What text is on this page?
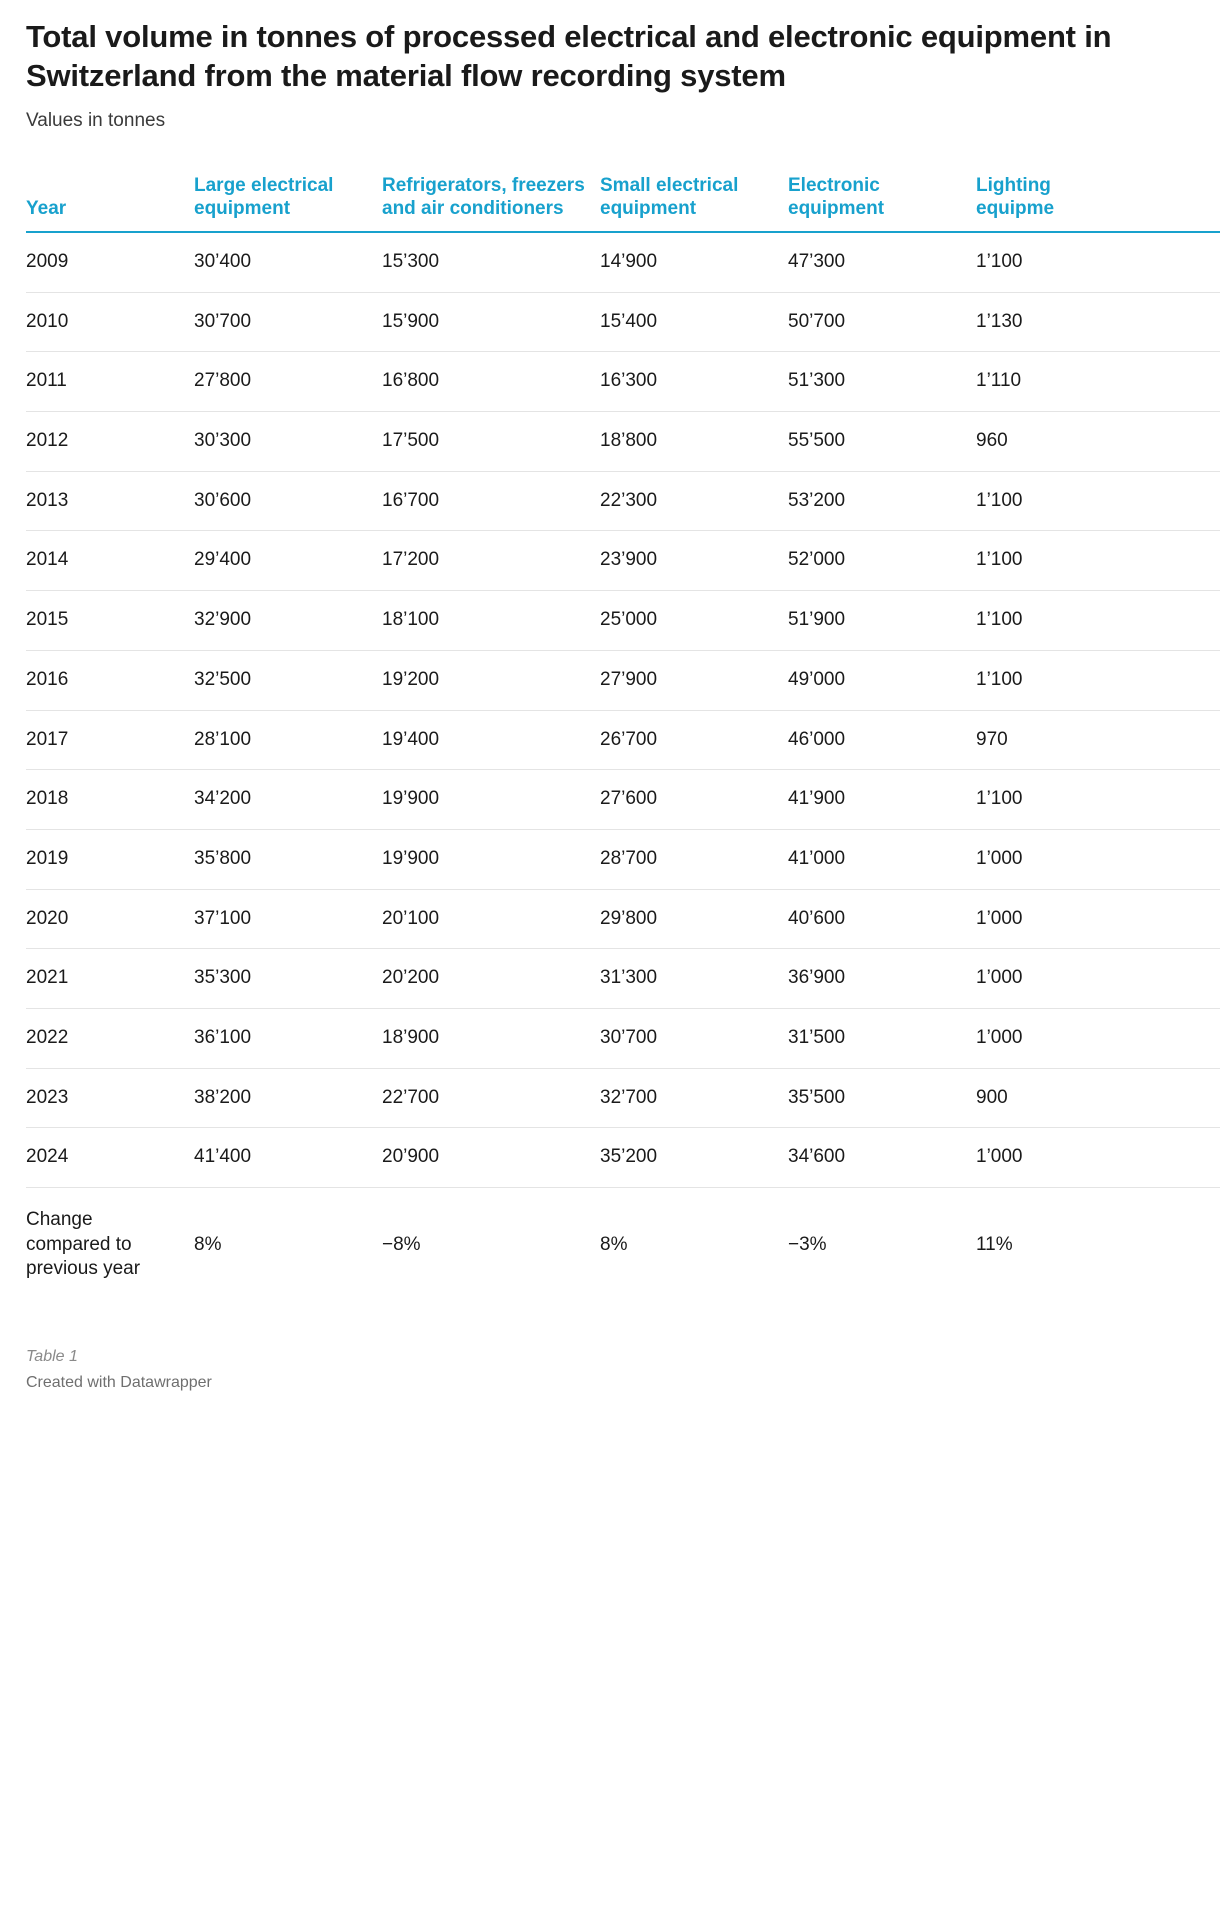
Total volume in tonnes of processed electrical and electronic equipment in Switzerland from the material flow recording system
Values in tonnes
Year	Large electrical equipment	Refrigerators, freezers and air conditioners	Small electrical equipment	Electronic equipment	Lighting equipme	
2009	30’400	15’300	14’900	47’300	1’100	
2010	30’700	15’900	15’400	50’700	1’130	
2011	27’800	16’800	16’300	51’300	1’110	
2012	30’300	17’500	18’800	55’500	960	
2013	30’600	16’700	22’300	53’200	1’100	
2014	29’400	17’200	23’900	52’000	1’100	
2015	32’900	18’100	25’000	51’900	1’100	
2016	32’500	19’200	27’900	49’000	1’100	
2017	28’100	19’400	26’700	46’000	970	
2018	34’200	19’900	27’600	41’900	1’100	
2019	35’800	19’900	28’700	41’000	1’000	
2020	37’100	20’100	29’800	40’600	1’000	
2021	35’300	20’200	31’300	36’900	1’000	
2022	36’100	18’900	30’700	31’500	1’000	
2023	38’200	22’700	32’700	35’500	900	
2024	41’400	20’900	35’200	34’600	1’000	
Change compared to previous year	8%	−8%	8%	−3%	11%	
Table 1
Created with Datawrapper
